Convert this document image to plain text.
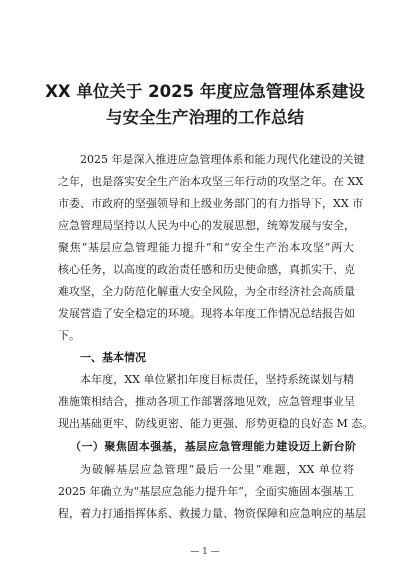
XX 单位关于 2025 年度应急管理体系建设
与安全生产治理的工作总结
2025 年是深入推进应急管理体系和能力现代化建设的关键
之年，也是落实安全生产治本攻坚三年行动的攻坚之年。在 XX
市委、市政府的坚强领导和上级业务部门的有力指导下，XX 市
应急管理局坚持以人民为中心的发展思想，统筹发展与安全，
聚焦“基层应急管理能力提升”和“安全生产治本攻坚”两大
核心任务，以高度的政治责任感和历史使命感，真抓实干、克
难攻坚，全力防范化解重大安全风险，为全市经济社会高质量
发展营造了安全稳定的环境。现将本年度工作情况总结报告如
下。
一、基本情况
本年度，XX 单位紧扣年度目标责任，坚持系统谋划与精
准施策相结合，推动各项工作部署落地见效，应急管理事业呈
现出基础更牢、防线更密、能力更强、形势更稳的良好态 M 态。
（一）聚焦固本强基，基层应急管理能力建设迈上新台阶
为破解基层应急管理“最后一公里”难题，XX 单位将
2025 年确立为“基层应急能力提升年”，全面实施固本强基工
程，着力打通指挥体系、救援力量、物资保障和应急响应的基层
— 1 —
